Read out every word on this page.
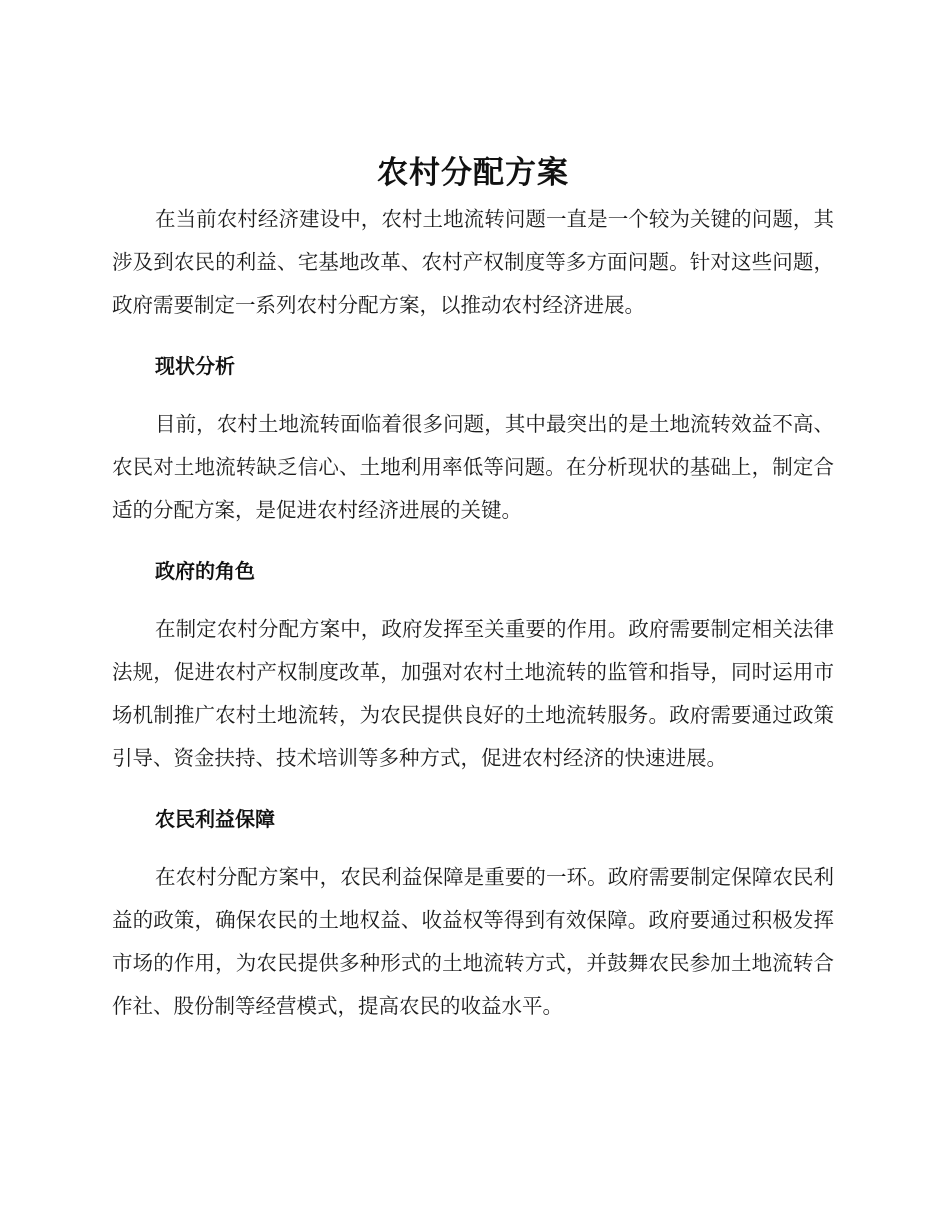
农村分配方案

在当前农村经济建设中，农村土地流转问题一直是一个较为关键的问题，其涉及到农民的利益、宅基地改革、农村产权制度等多方面问题。针对这些问题，政府需要制定一系列农村分配方案，以推动农村经济进展。

现状分析

目前，农村土地流转面临着很多问题，其中最突出的是土地流转效益不高、农民对土地流转缺乏信心、土地利用率低等问题。在分析现状的基础上，制定合适的分配方案，是促进农村经济进展的关键。

政府的角色

在制定农村分配方案中，政府发挥至关重要的作用。政府需要制定相关法律法规，促进农村产权制度改革，加强对农村土地流转的监管和指导，同时运用市场机制推广农村土地流转，为农民提供良好的土地流转服务。政府需要通过政策引导、资金扶持、技术培训等多种方式，促进农村经济的快速进展。

农民利益保障

在农村分配方案中，农民利益保障是重要的一环。政府需要制定保障农民利益的政策，确保农民的土地权益、收益权等得到有效保障。政府要通过积极发挥市场的作用，为农民提供多种形式的土地流转方式，并鼓舞农民参加土地流转合作社、股份制等经营模式，提高农民的收益水平。
